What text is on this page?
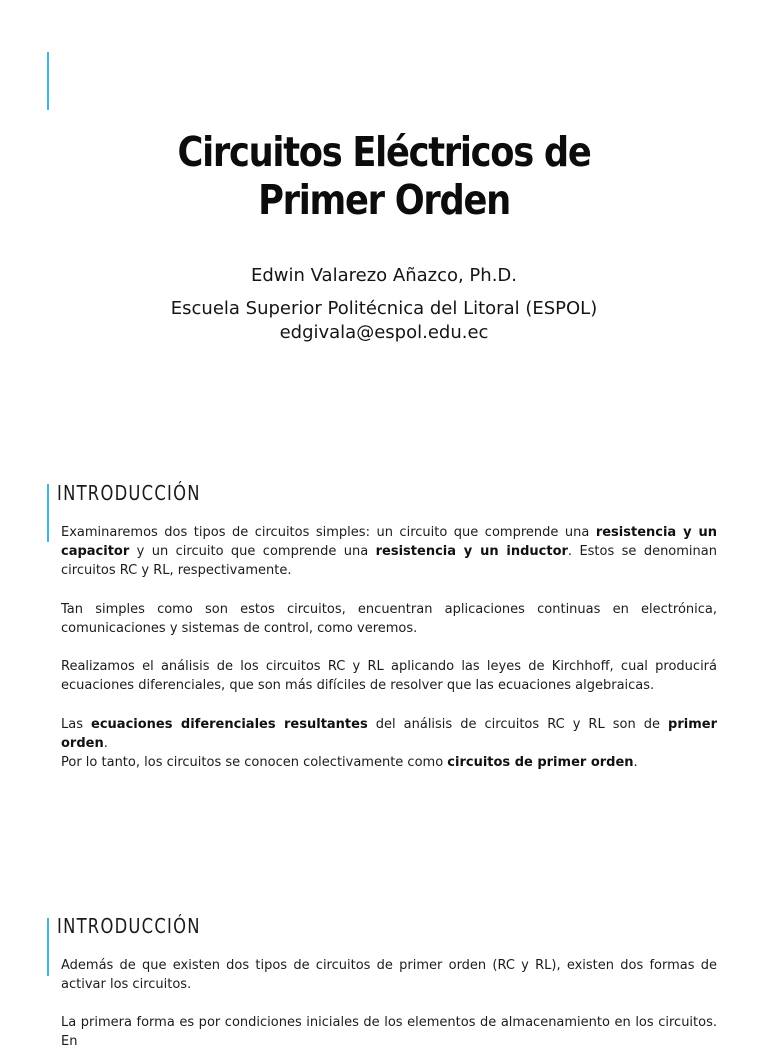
Circuitos Eléctricos de
Primer Orden
Edwin Valarezo Añazco, Ph.D.
Escuela Superior Politécnica del Litoral (ESPOL)
edgivala@espol.edu.ec
INTRODUCCIÓN

Examinaremos dos tipos de circuitos simples: un circuito que comprende una resistencia y un capacitor y un circuito que comprende una resistencia y un inductor. Estos se denominan circuitos RC y RL, respectivamente.

Tan simples como son estos circuitos, encuentran aplicaciones continuas en electrónica, comunicaciones y sistemas de control, como veremos.

Realizamos el análisis de los circuitos RC y RL aplicando las leyes de Kirchhoff, cual producirá ecuaciones diferenciales, que son más difíciles de resolver que las ecuaciones algebraicas.

Las ecuaciones diferenciales resultantes del análisis de circuitos RC y RL son de primer orden.

Por lo tanto, los circuitos se conocen colectivamente como circuitos de primer orden.

INTRODUCCIÓN

Además de que existen dos tipos de circuitos de primer orden (RC y RL), existen dos formas de activar los circuitos.

La primera forma es por condiciones iniciales de los elementos de almacenamiento en los circuitos. En
